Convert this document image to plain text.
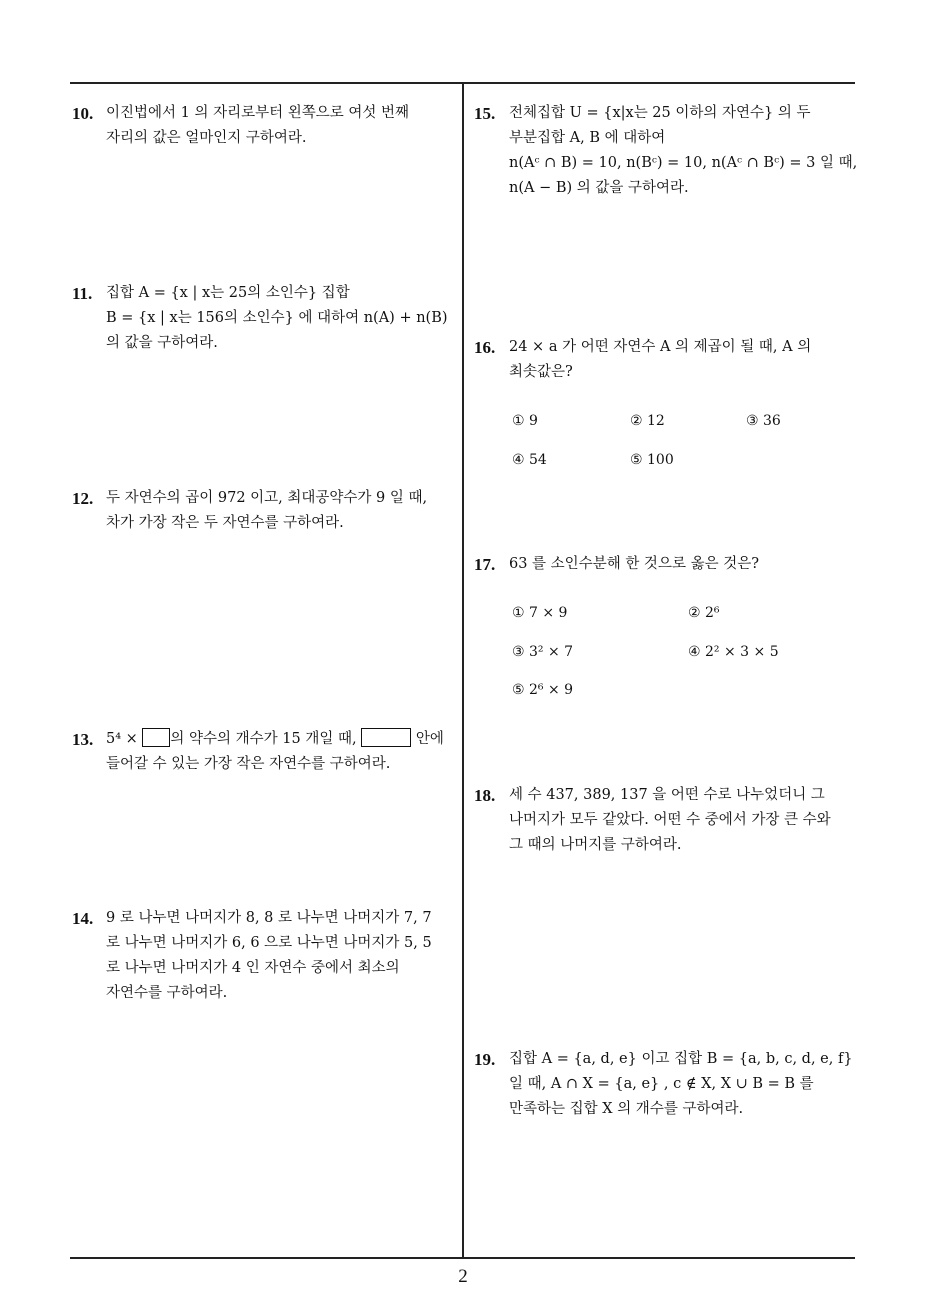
10. 이진법에서 1 의 자리로부터 왼쪽으로 여섯 번째
자리의 값은 얼마인지 구하여라.
11. 집합 A = {x | x는 25의 소인수} 집합
B = {x | x는 156의 소인수} 에 대하여 n(A) + n(B)
의 값을 구하여라.
12. 두 자연수의 곱이 972 이고, 최대공약수가 9 일 때,
차가 가장 작은 두 자연수를 구하여라.
13. 5⁴ × 의 약수의 개수가 15 개일 때,	안에
들어갈 수 있는 가장 작은 자연수를 구하여라.
14. 9 로 나누면 나머지가 8, 8 로 나누면 나머지가 7, 7
로 나누면 나머지가 6, 6 으로 나누면 나머지가 5, 5
로 나누면 나머지가 4 인 자연수 중에서 최소의
자연수를 구하여라.
15. 전체집합 U = {x|x는 25 이하의 자연수} 의 두
부분집합 A, B 에 대하여
n(Aᶜ ∩ B) = 10, n(Bᶜ) = 10, n(Aᶜ ∩ Bᶜ) = 3 일 때,
n(A − B) 의 값을 구하여라.
16. 24 × a 가 어떤 자연수 A 의 제곱이 될 때, A 의
최솟값은?
① 9	② 12	③ 36
④ 54	⑤ 100
17. 63 를 소인수분해 한 것으로 옳은 것은?
① 7 × 9	② 2⁶
③ 3² × 7	④ 2² × 3 × 5
⑤ 2⁶ × 9
18. 세 수 437, 389, 137 을 어떤 수로 나누었더니 그
나머지가 모두 같았다. 어떤 수 중에서 가장 큰 수와
그 때의 나머지를 구하여라.
19. 집합 A = {a, d, e} 이고 집합 B = {a, b, c, d, e, f}
일 때, A ∩ X = {a, e} , c ∉ X, X ∪ B = B 를
만족하는 집합 X 의 개수를 구하여라.
2
